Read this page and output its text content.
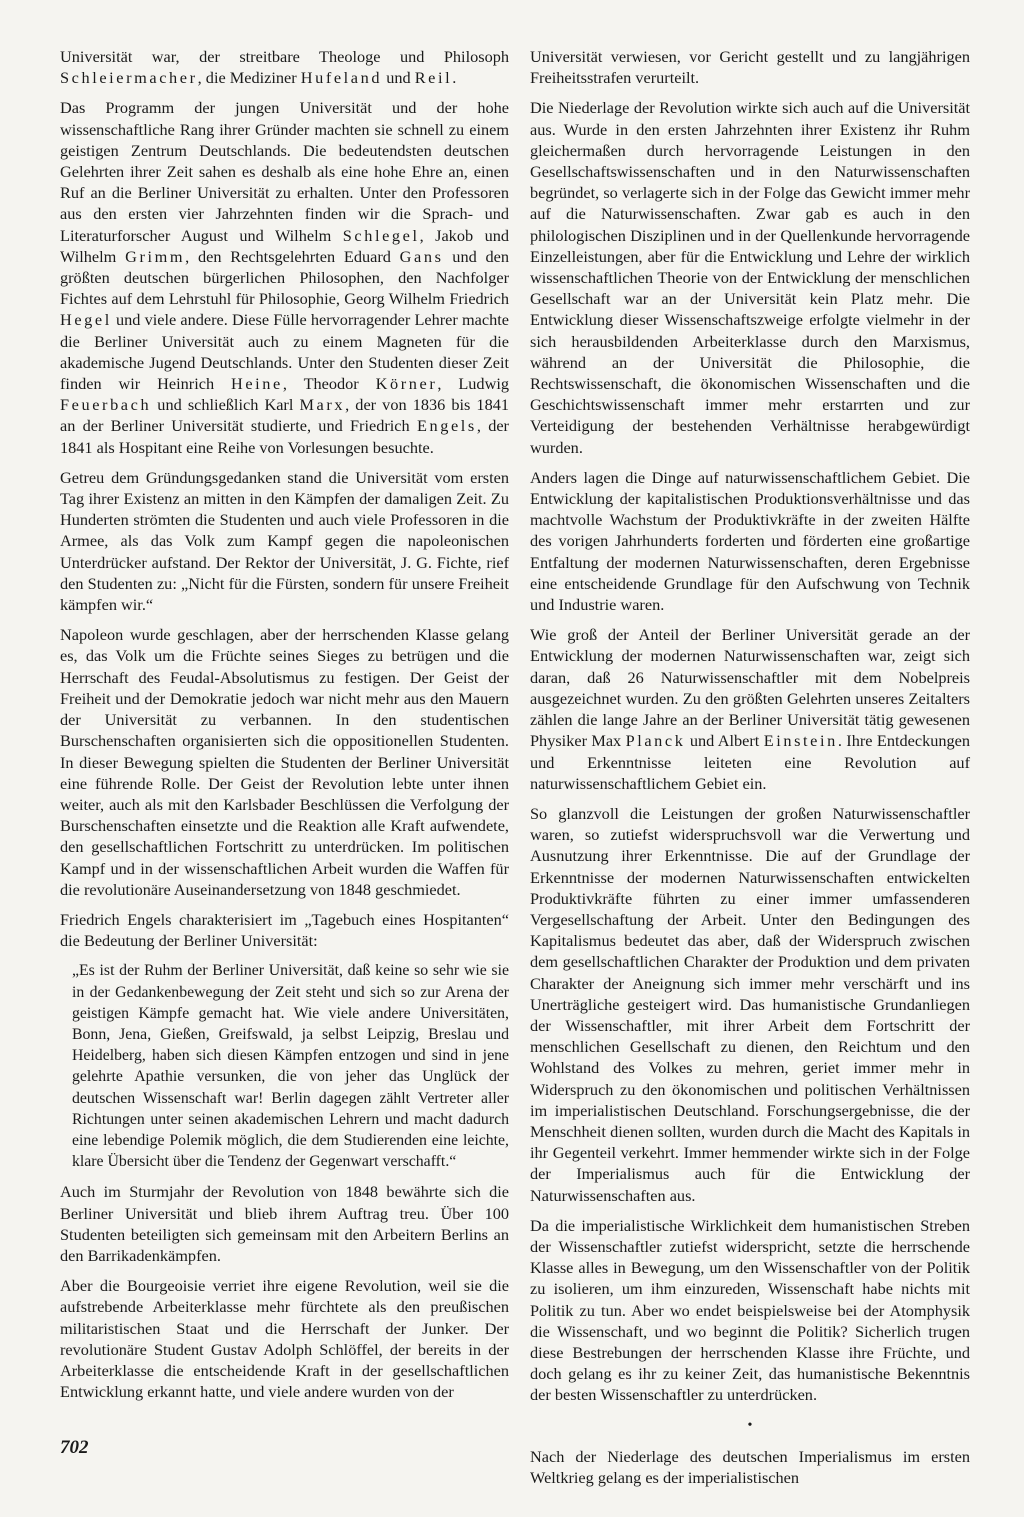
Universität war, der streitbare Theologe und Philosoph Schleiermacher, die Mediziner Hufeland und Reil.

Das Programm der jungen Universität und der hohe wissenschaftliche Rang ihrer Gründer machten sie schnell zu einem geistigen Zentrum Deutschlands. Die bedeutendsten deutschen Gelehrten ihrer Zeit sahen es deshalb als eine hohe Ehre an, einen Ruf an die Berliner Universität zu erhalten. Unter den Professoren aus den ersten vier Jahrzehnten finden wir die Sprach- und Literaturforscher August und Wilhelm Schlegel, Jakob und Wilhelm Grimm, den Rechtsgelehrten Eduard Gans und den größten deutschen bürgerlichen Philosophen, den Nachfolger Fichtes auf dem Lehrstuhl für Philosophie, Georg Wilhelm Friedrich Hegel und viele andere. Diese Fülle hervorragender Lehrer machte die Berliner Universität auch zu einem Magneten für die akademische Jugend Deutschlands. Unter den Studenten dieser Zeit finden wir Heinrich Heine, Theodor Körner, Ludwig Feuerbach und schließlich Karl Marx, der von 1836 bis 1841 an der Berliner Universität studierte, und Friedrich Engels, der 1841 als Hospitant eine Reihe von Vorlesungen besuchte.

Getreu dem Gründungsgedanken stand die Universität vom ersten Tag ihrer Existenz an mitten in den Kämpfen der damaligen Zeit. Zu Hunderten strömten die Studenten und auch viele Professoren in die Armee, als das Volk zum Kampf gegen die napoleonischen Unterdrücker aufstand. Der Rektor der Universität, J. G. Fichte, rief den Studenten zu: „Nicht für die Fürsten, sondern für unsere Freiheit kämpfen wir.“

Napoleon wurde geschlagen, aber der herrschenden Klasse gelang es, das Volk um die Früchte seines Sieges zu betrügen und die Herrschaft des Feudal-Absolutismus zu festigen. Der Geist der Freiheit und der Demokratie jedoch war nicht mehr aus den Mauern der Universität zu verbannen. In den studentischen Burschenschaften organisierten sich die oppositionellen Studenten. In dieser Bewegung spielten die Studenten der Berliner Universität eine führende Rolle. Der Geist der Revolution lebte unter ihnen weiter, auch als mit den Karlsbader Beschlüssen die Verfolgung der Burschenschaften einsetzte und die Reaktion alle Kraft aufwendete, den gesellschaftlichen Fortschritt zu unterdrücken. Im politischen Kampf und in der wissenschaftlichen Arbeit wurden die Waffen für die revolutionäre Auseinandersetzung von 1848 geschmiedet.

Friedrich Engels charakterisiert im „Tagebuch eines Hospitanten“ die Bedeutung der Berliner Universität:

„Es ist der Ruhm der Berliner Universität, daß keine so sehr wie sie in der Gedankenbewegung der Zeit steht und sich so zur Arena der geistigen Kämpfe gemacht hat. Wie viele andere Universitäten, Bonn, Jena, Gießen, Greifswald, ja selbst Leipzig, Breslau und Heidelberg, haben sich diesen Kämpfen entzogen und sind in jene gelehrte Apathie versunken, die von jeher das Unglück der deutschen Wissenschaft war! Berlin dagegen zählt Vertreter aller Richtungen unter seinen akademischen Lehrern und macht dadurch eine lebendige Polemik möglich, die dem Studierenden eine leichte, klare Übersicht über die Tendenz der Gegenwart verschafft.“

Auch im Sturmjahr der Revolution von 1848 bewährte sich die Berliner Universität und blieb ihrem Auftrag treu. Über 100 Studenten beteiligten sich gemeinsam mit den Arbeitern Berlins an den Barrikadenkämpfen.

Aber die Bourgeoisie verriet ihre eigene Revolution, weil sie die aufstrebende Arbeiterklasse mehr fürchtete als den preußischen militaristischen Staat und die Herrschaft der Junker. Der revolutionäre Student Gustav Adolph Schlöffel, der bereits in der Arbeiterklasse die entscheidende Kraft in der gesellschaftlichen Entwicklung erkannt hatte, und viele andere wurden von der

Universität verwiesen, vor Gericht gestellt und zu langjährigen Freiheitsstrafen verurteilt.

Die Niederlage der Revolution wirkte sich auch auf die Universität aus. Wurde in den ersten Jahrzehnten ihrer Existenz ihr Ruhm gleichermaßen durch hervorragende Leistungen in den Gesellschaftswissenschaften und in den Naturwissenschaften begründet, so verlagerte sich in der Folge das Gewicht immer mehr auf die Naturwissenschaften. Zwar gab es auch in den philologischen Disziplinen und in der Quellenkunde hervorragende Einzelleistungen, aber für die Entwicklung und Lehre der wirklich wissenschaftlichen Theorie von der Entwicklung der menschlichen Gesellschaft war an der Universität kein Platz mehr. Die Entwicklung dieser Wissenschaftszweige erfolgte vielmehr in der sich herausbildenden Arbeiterklasse durch den Marxismus, während an der Universität die Philosophie, die Rechtswissenschaft, die ökonomischen Wissenschaften und die Geschichtswissenschaft immer mehr erstarrten und zur Verteidigung der bestehenden Verhältnisse herabgewürdigt wurden.

Anders lagen die Dinge auf naturwissenschaftlichem Gebiet. Die Entwicklung der kapitalistischen Produktionsverhältnisse und das machtvolle Wachstum der Produktivkräfte in der zweiten Hälfte des vorigen Jahrhunderts forderten und förderten eine großartige Entfaltung der modernen Naturwissenschaften, deren Ergebnisse eine entscheidende Grundlage für den Aufschwung von Technik und Industrie waren.

Wie groß der Anteil der Berliner Universität gerade an der Entwicklung der modernen Naturwissenschaften war, zeigt sich daran, daß 26 Naturwissenschaftler mit dem Nobelpreis ausgezeichnet wurden. Zu den größten Gelehrten unseres Zeitalters zählen die lange Jahre an der Berliner Universität tätig gewesenen Physiker Max Planck und Albert Einstein. Ihre Entdeckungen und Erkenntnisse leiteten eine Revolution auf naturwissenschaftlichem Gebiet ein.

So glanzvoll die Leistungen der großen Naturwissenschaftler waren, so zutiefst widerspruchsvoll war die Verwertung und Ausnutzung ihrer Erkenntnisse. Die auf der Grundlage der Erkenntnisse der modernen Naturwissenschaften entwickelten Produktivkräfte führten zu einer immer umfassenderen Vergesellschaftung der Arbeit. Unter den Bedingungen des Kapitalismus bedeutet das aber, daß der Widerspruch zwischen dem gesellschaftlichen Charakter der Produktion und dem privaten Charakter der Aneignung sich immer mehr verschärft und ins Unerträgliche gesteigert wird. Das humanistische Grundanliegen der Wissenschaftler, mit ihrer Arbeit dem Fortschritt der menschlichen Gesellschaft zu dienen, den Reichtum und den Wohlstand des Volkes zu mehren, geriet immer mehr in Widerspruch zu den ökonomischen und politischen Verhältnissen im imperialistischen Deutschland. Forschungsergebnisse, die der Menschheit dienen sollten, wurden durch die Macht des Kapitals in ihr Gegenteil verkehrt. Immer hemmender wirkte sich in der Folge der Imperialismus auch für die Entwicklung der Naturwissenschaften aus.

Da die imperialistische Wirklichkeit dem humanistischen Streben der Wissenschaftler zutiefst widerspricht, setzte die herrschende Klasse alles in Bewegung, um den Wissenschaftler von der Politik zu isolieren, um ihm einzureden, Wissenschaft habe nichts mit Politik zu tun. Aber wo endet beispielsweise bei der Atomphysik die Wissenschaft, und wo beginnt die Politik? Sicherlich trugen diese Bestrebungen der herrschenden Klasse ihre Früchte, und doch gelang es ihr zu keiner Zeit, das humanistische Bekenntnis der besten Wissenschaftler zu unterdrücken.

•

Nach der Niederlage des deutschen Imperialismus im ersten Weltkrieg gelang es der imperialistischen

702
